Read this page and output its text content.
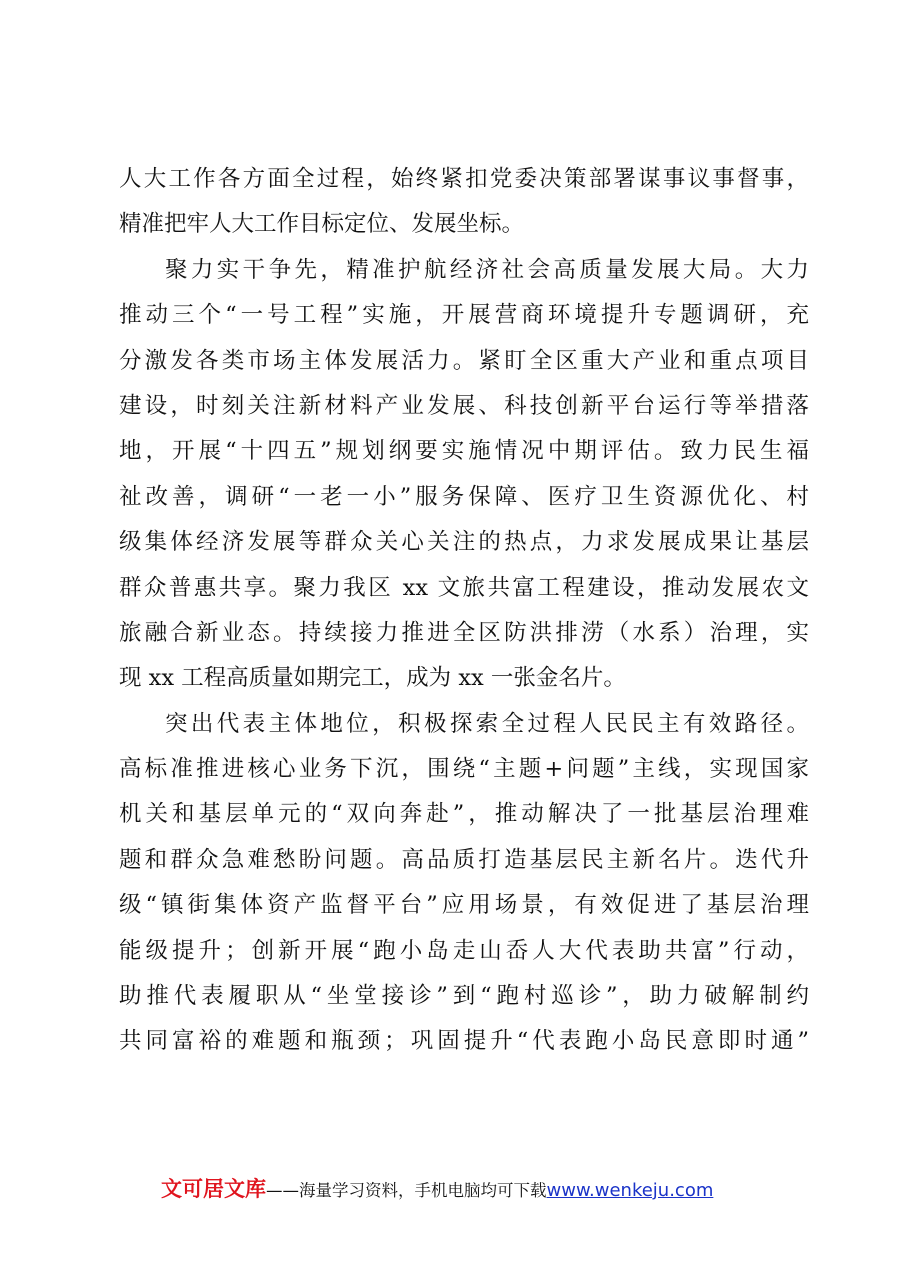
人大工作各方面全过程，始终紧扣党委决策部署谋事议事督事，
精准把牢人大工作目标定位、发展坐标。
聚力实干争先，精准护航经济社会高质量发展大局。大力
推动三个“一号工程”实施，开展营商环境提升专题调研，充
分激发各类市场主体发展活力。紧盯全区重大产业和重点项目
建设，时刻关注新材料产业发展、科技创新平台运行等举措落
地，开展“十四五”规划纲要实施情况中期评估。致力民生福
祉改善，调研“一老一小”服务保障、医疗卫生资源优化、村
级集体经济发展等群众关心关注的热点，力求发展成果让基层
群众普惠共享。聚力我区 xx 文旅共富工程建设，推动发展农文
旅融合新业态。持续接力推进全区防洪排涝（水系）治理，实
现 xx 工程高质量如期完工，成为 xx 一张金名片。
突出代表主体地位，积极探索全过程人民民主有效路径。
高标准推进核心业务下沉，围绕“主题+问题”主线，实现国家
机关和基层单元的“双向奔赴”，推动解决了一批基层治理难
题和群众急难愁盼问题。高品质打造基层民主新名片。迭代升
级“镇街集体资产监督平台”应用场景，有效促进了基层治理
能级提升；创新开展“跑小岛走山岙人大代表助共富”行动，
助推代表履职从“坐堂接诊”到“跑村巡诊”，助力破解制约
共同富裕的难题和瓶颈；巩固提升“代表跑小岛民意即时通”
文可居文库——海量学习资料，手机电脑均可下载www.wenkeju.com
